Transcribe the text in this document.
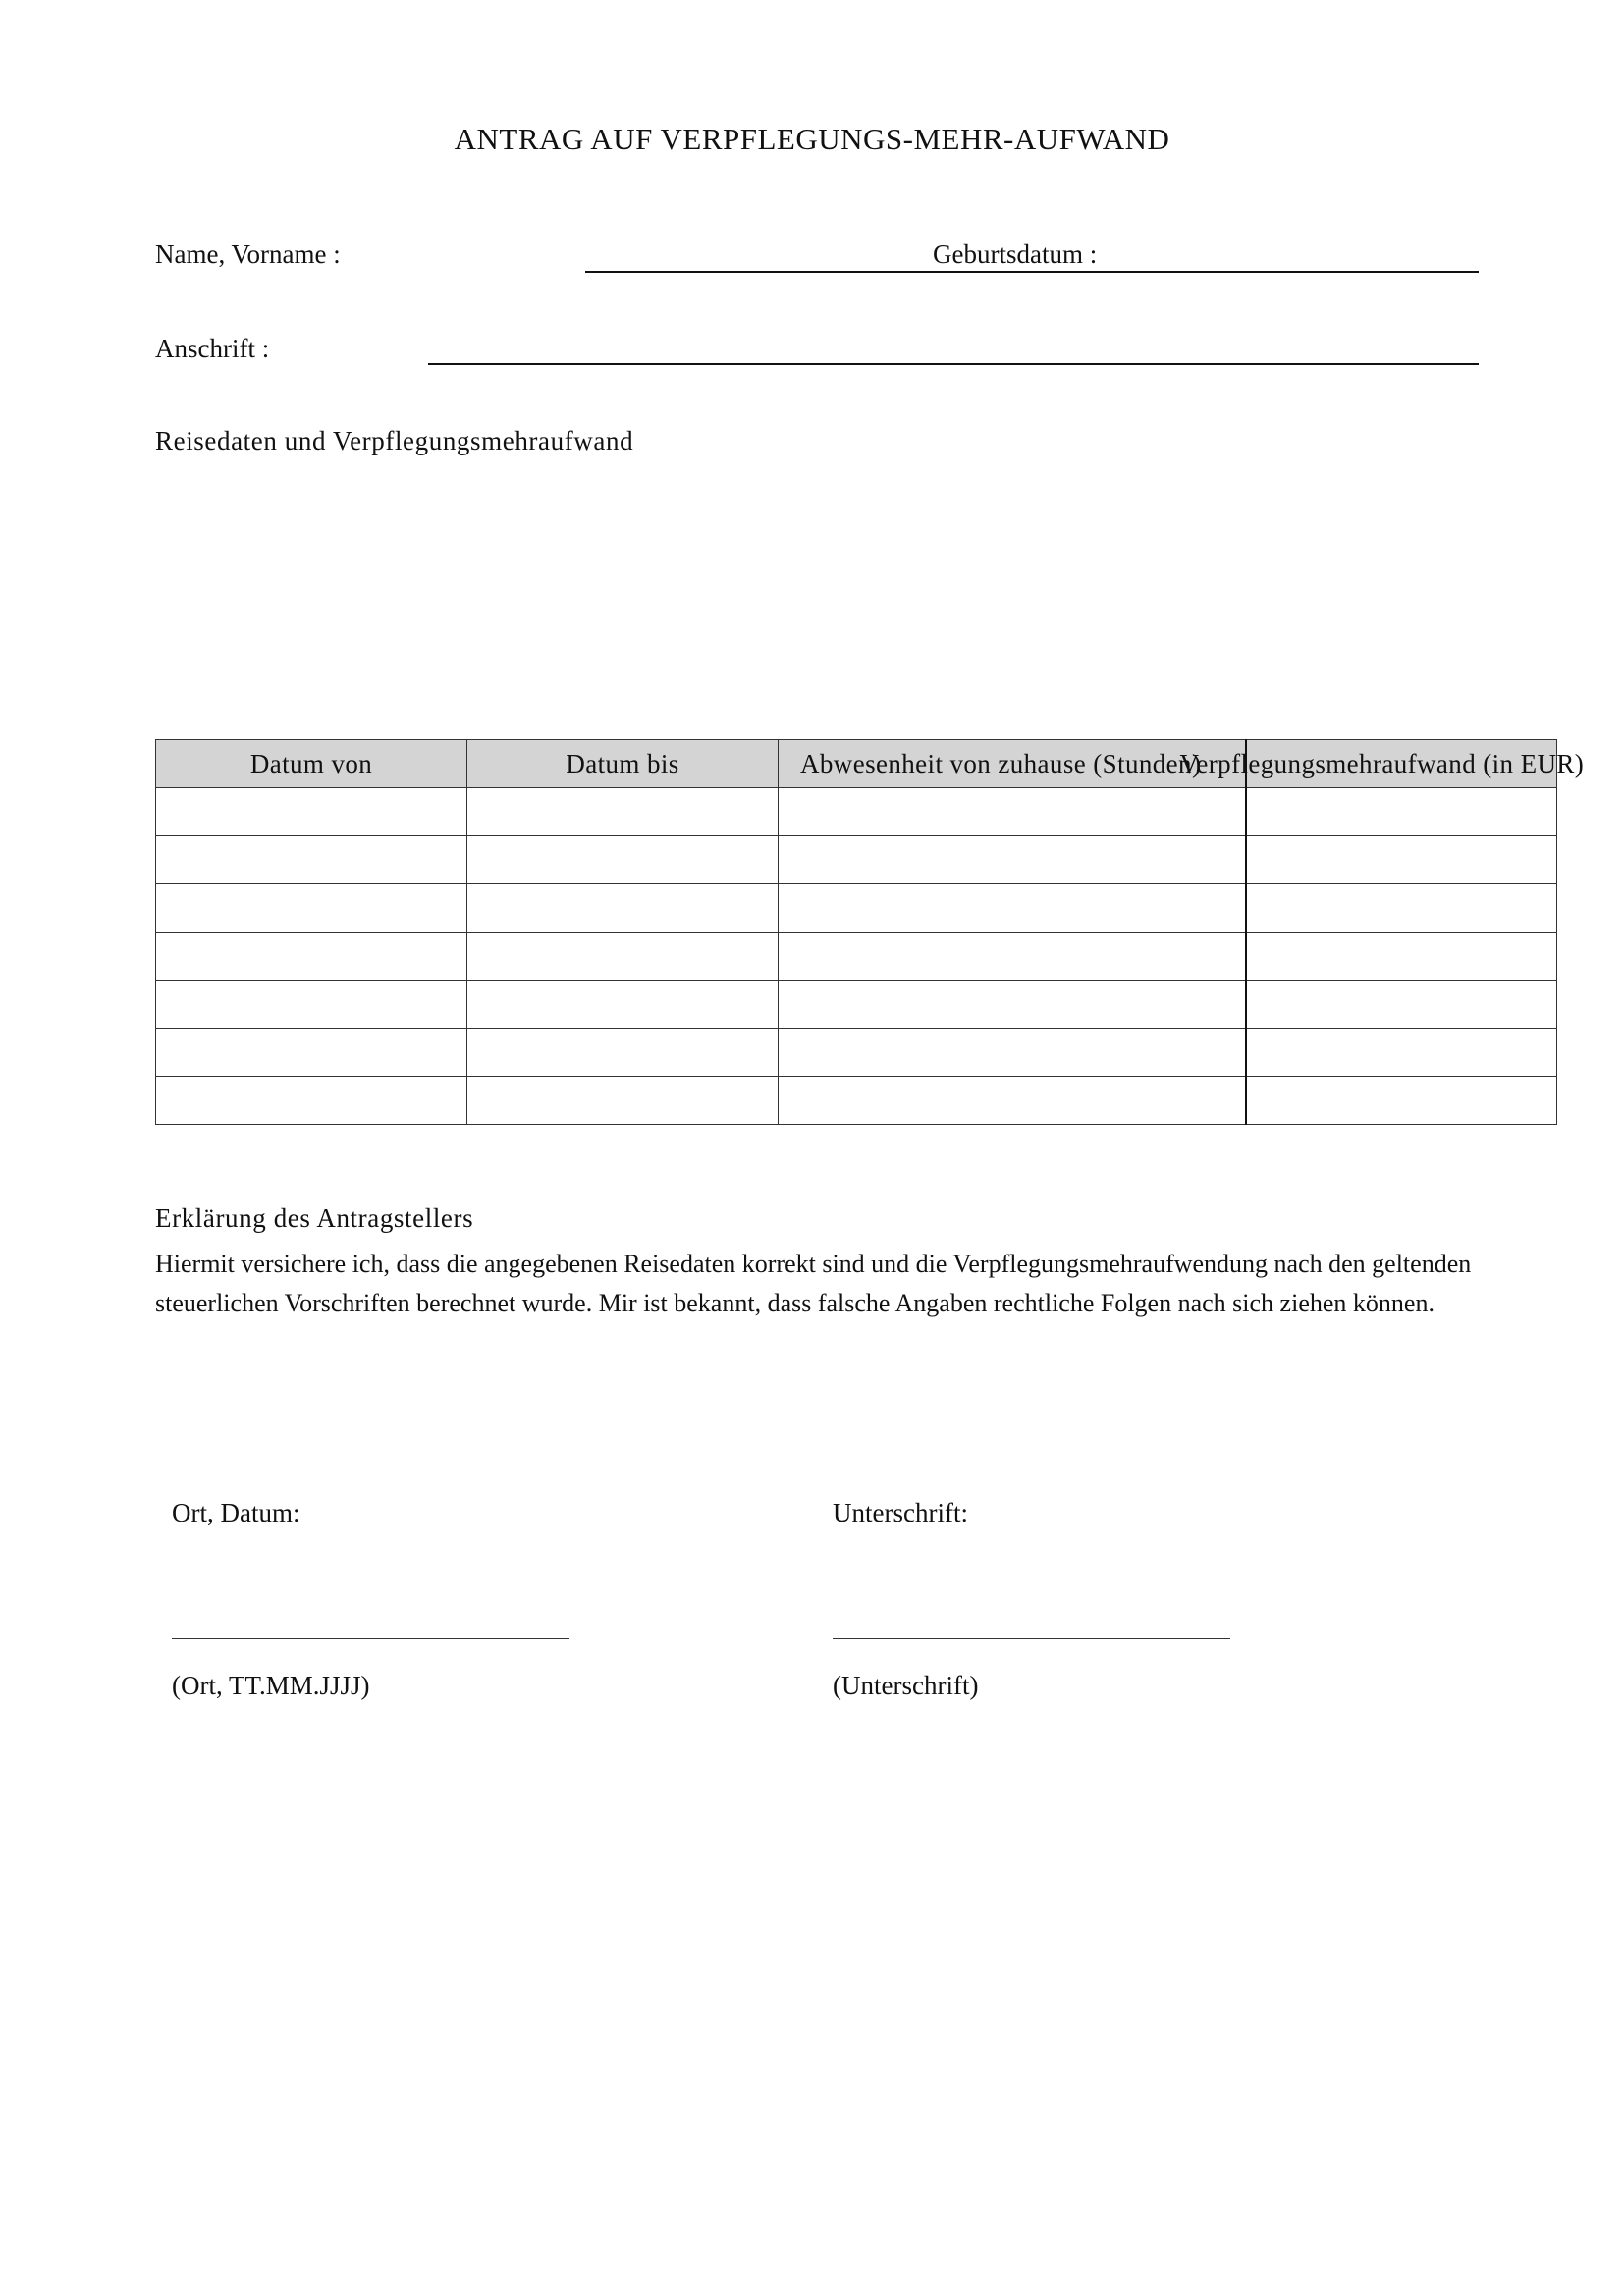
ANTRAG AUF VERPFLEGUNGS-MEHR-AUFWAND
Name, Vorname :	Geburtsdatum :
Anschrift :
Reisedaten und Verpflegungsmehraufwand
Datum von	Datum bis	Abwesenheit von zuhause (Stunden)	Verpflegungsmehraufwand (in EUR)

Erklärung des Antragstellers
Hiermit versichere ich, dass die angegebenen Reisedaten korrekt sind und die Verpflegungsmehraufwendung nach den geltenden steuerlichen Vorschriften berechnet wurde. Mir ist bekannt, dass falsche Angaben rechtliche Folgen nach sich ziehen können.
Ort, Datum:	Unterschrift:
(Ort, TT.MM.JJJJ)	(Unterschrift)
